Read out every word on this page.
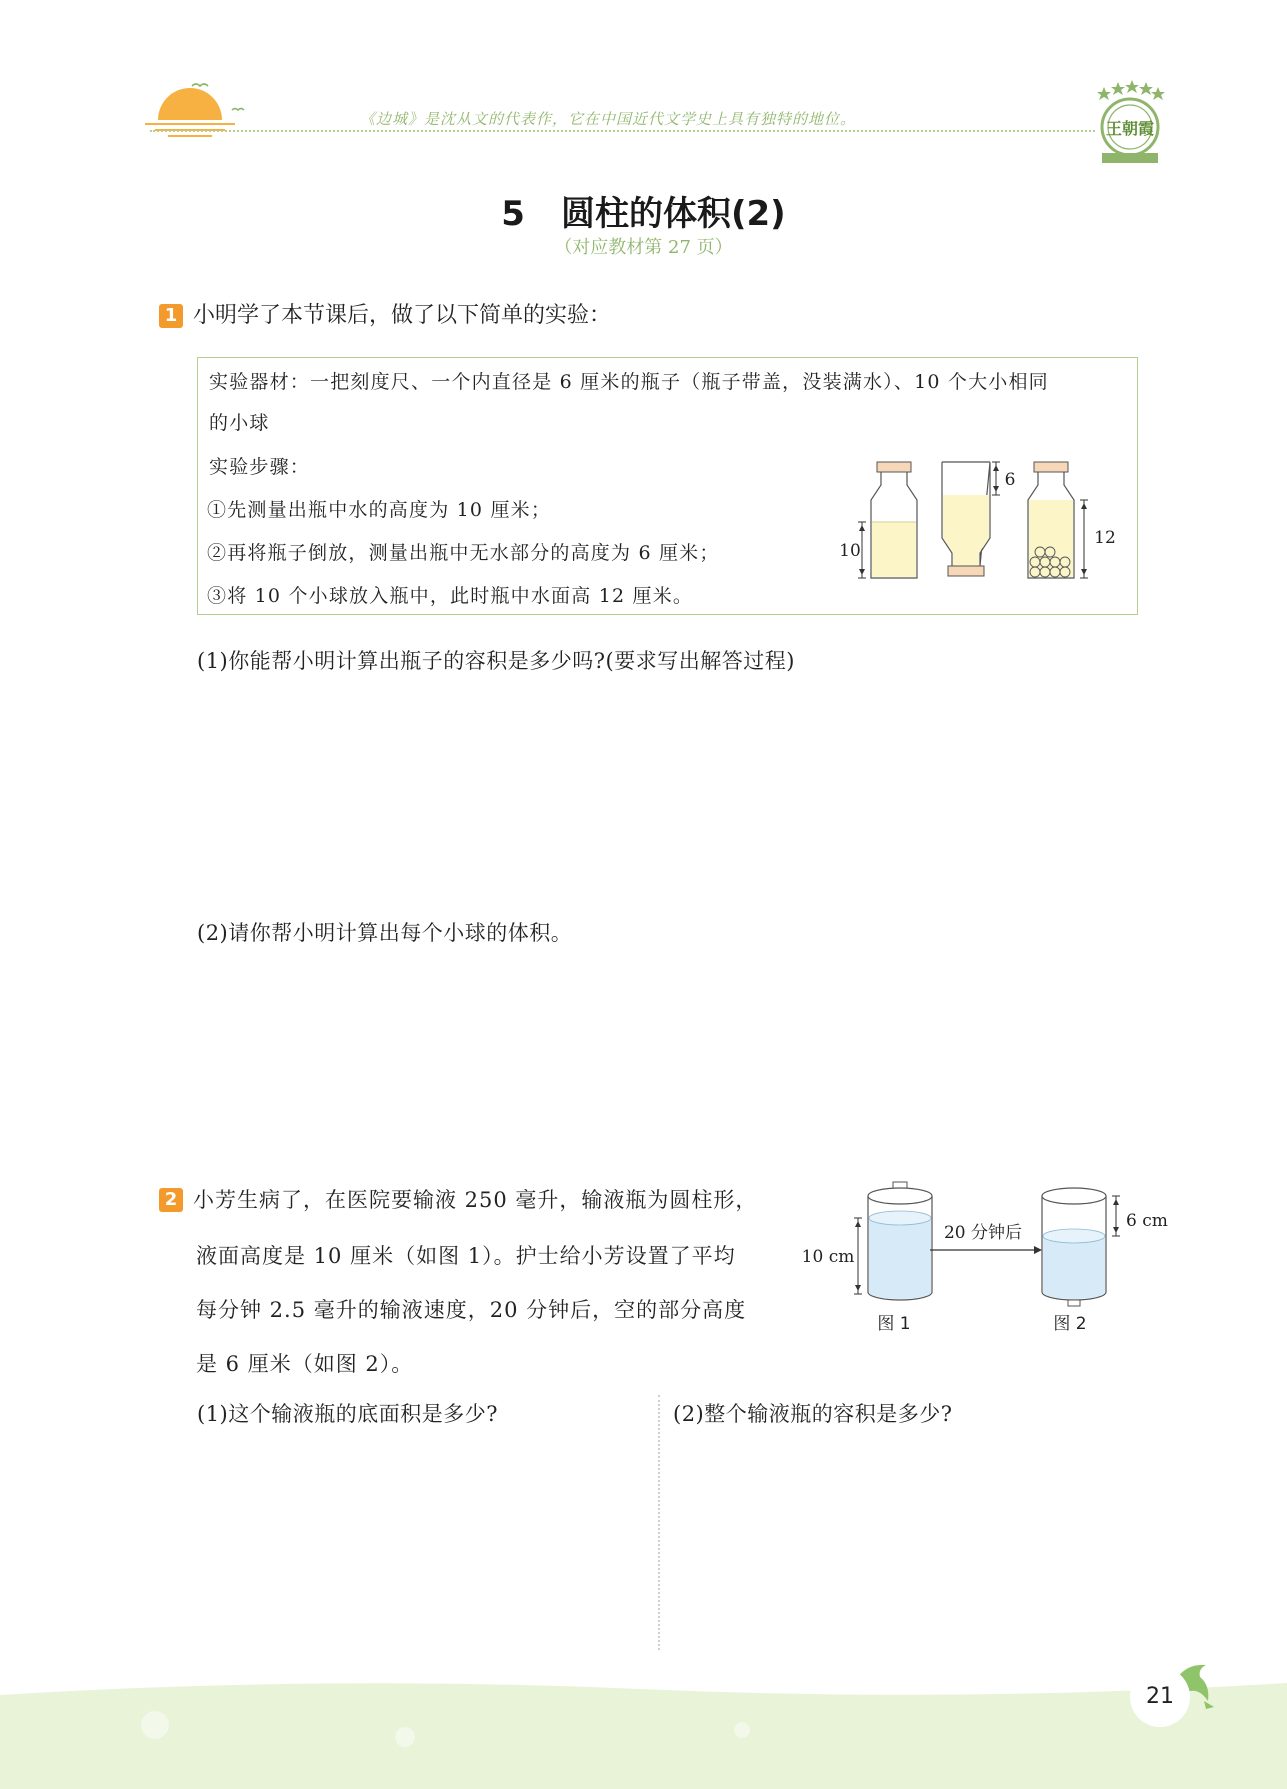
《边城》是沈从文的代表作，它在中国近代文学史上具有独特的地位。	王朝霞
5 圆柱的体积(2)
（对应教材第 27 页）
1 小明学了本节课后，做了以下简单的实验：
实验器材：一把刻度尺、一个内直径是 6 厘米的瓶子（瓶子带盖，没装满水）、10 个大小相同
的小球
实验步骤：
①先测量出瓶中水的高度为 10 厘米；
②再将瓶子倒放，测量出瓶中无水部分的高度为 6 厘米；
③将 10 个小球放入瓶中，此时瓶中水面高 12 厘米。
10
6
12
(1)你能帮小明计算出瓶子的容积是多少吗?(要求写出解答过程)
(2)请你帮小明计算出每个小球的体积。
2 小芳生病了，在医院要输液 250 毫升，输液瓶为圆柱形，
液面高度是 10 厘米（如图 1）。护士给小芳设置了平均
每分钟 2.5 毫升的输液速度，20 分钟后，空的部分高度
是 6 厘米（如图 2）。
10 cm
图 1
20 分钟后
6 cm
图 2
(1)这个输液瓶的底面积是多少?	(2)整个输液瓶的容积是多少?
21
